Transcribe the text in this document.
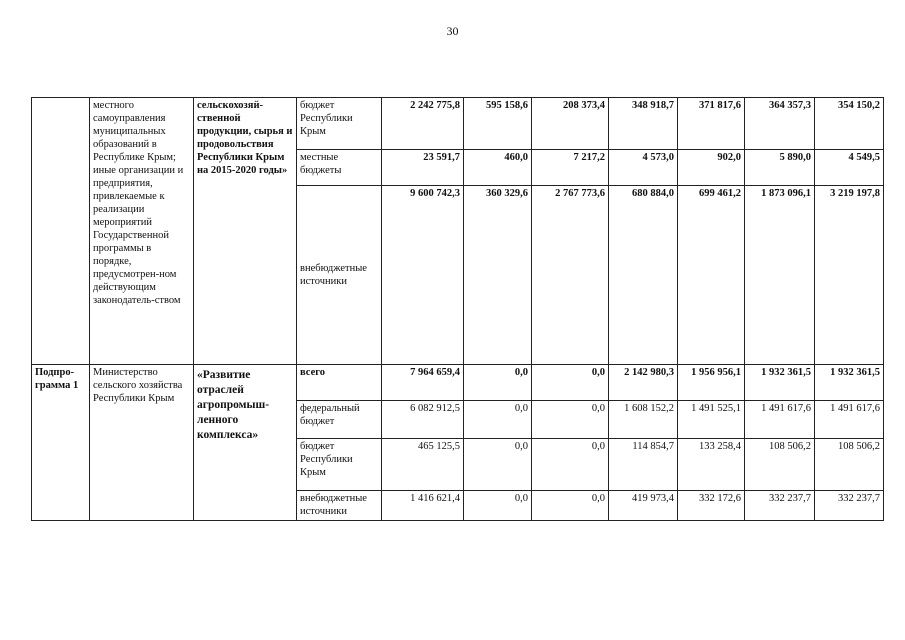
30
	местного самоуправления муниципальных образований в Республике Крым; иные организации и предприятия, привлекаемые к реализации мероприятий Государственной программы в порядке, предусмотрен-ном действующим законодатель-ством	сельскохозяй-ственной продукции, сырья и продовольствия Республики Крым на 2015-2020 годы»	бюджет Республики Крым	2 242 775,8	595 158,6	208 373,4	348 918,7	371 817,6	364 357,3	354 150,2
			местные бюджеты	23 591,7	460,0	7 217,2	4 573,0	902,0	5 890,0	4 549,5
			внебюджетные источники	9 600 742,3	360 329,6	2 767 773,6	680 884,0	699 461,2	1 873 096,1	3 219 197,8
Подпро-грамма 1	Министерство сельского хозяйства Республики Крым	«Развитие отраслей агропромыш-ленного комплекса»	всего	7 964 659,4	0,0	0,0	2 142 980,3	1 956 956,1	1 932 361,5	1 932 361,5
			федеральный бюджет	6 082 912,5	0,0	0,0	1 608 152,2	1 491 525,1	1 491 617,6	1 491 617,6
			бюджет Республики Крым	465 125,5	0,0	0,0	114 854,7	133 258,4	108 506,2	108 506,2
			внебюджетные источники	1 416 621,4	0,0	0,0	419 973,4	332 172,6	332 237,7	332 237,7
